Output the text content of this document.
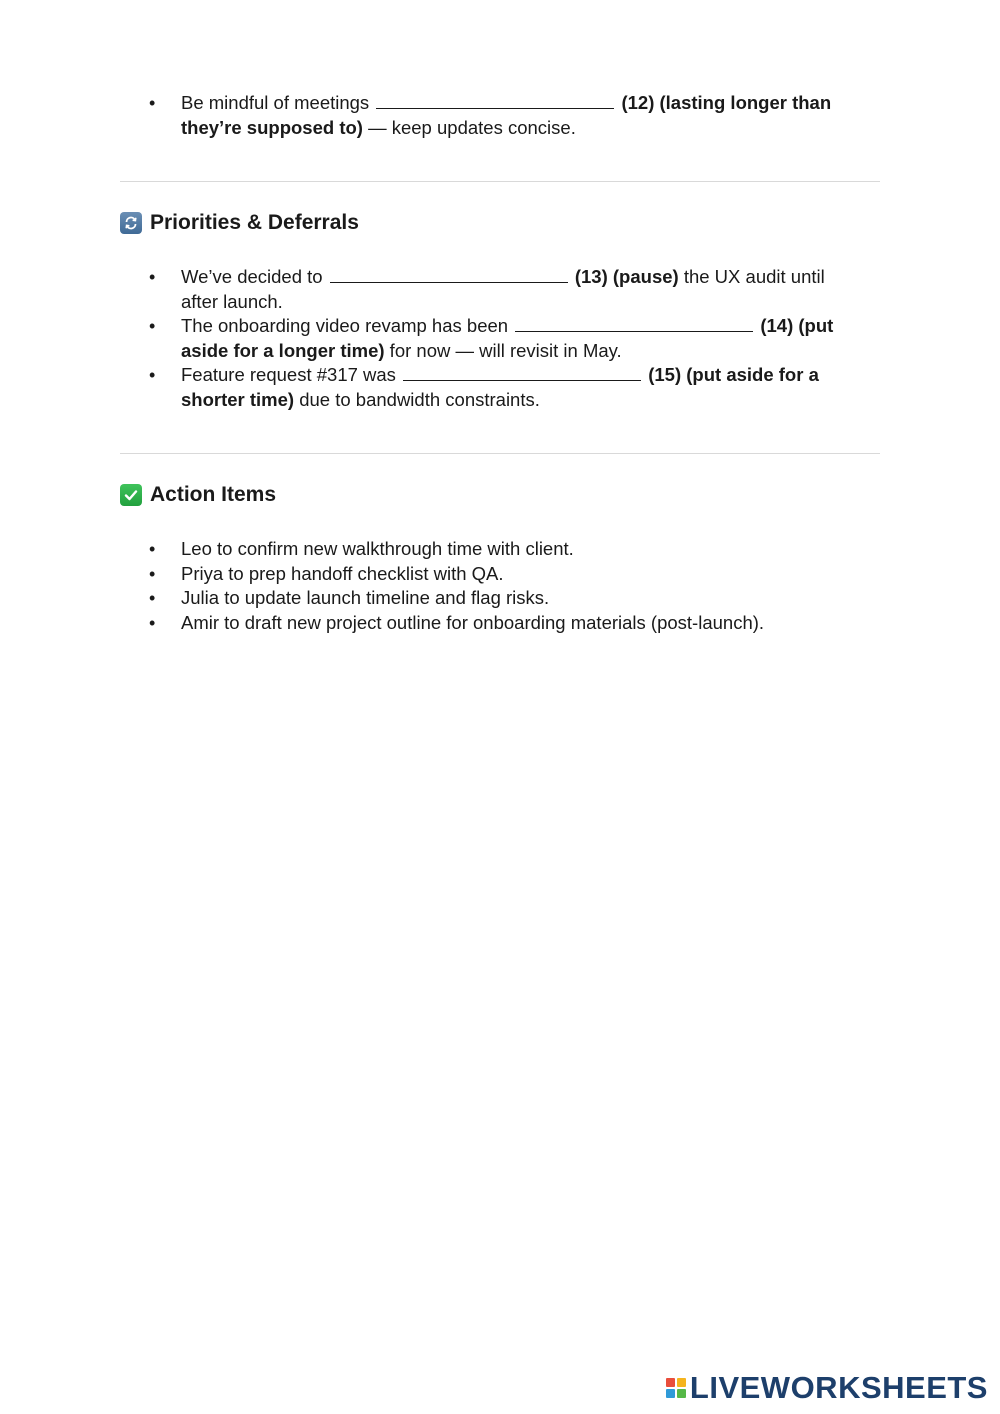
• Be mindful of meetings	(12) (lasting longer than they’re supposed to) — keep updates concise.
Priorities & Deferrals
• We’ve decided to	(13) (pause) the UX audit until after launch.
• The onboarding video revamp has been	(14) (put aside for a longer time) for now — will revisit in May.
• Feature request #317 was	(15) (put aside for a shorter time) due to bandwidth constraints.
Action Items
• Leo to confirm new walkthrough time with client.
• Priya to prep handoff checklist with QA.
• Julia to update launch timeline and flag risks.
• Amir to draft new project outline for onboarding materials (post-launch).
LIVEWORKSHEETS
